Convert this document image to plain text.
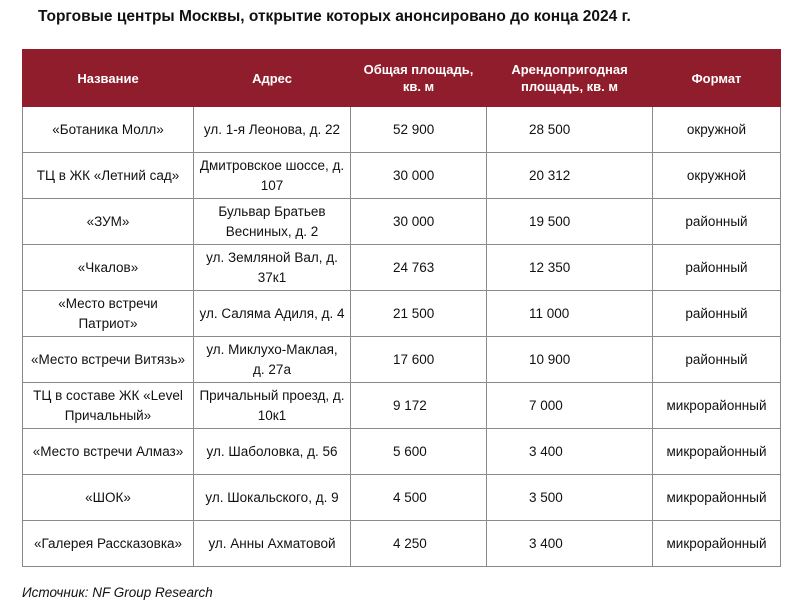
Торговые центры Москвы, открытие которых анонсировано до конца 2024 г.
Название	Адрес	Общая площадь, кв. м	Арендопригодная площадь, кв. м	Формат
«Ботаника Молл»	ул. 1-я Леонова, д. 22	52 900	28 500	окружной
ТЦ в ЖК «Летний сад»	Дмитровское шоссе, д. 107	30 000	20 312	окружной
«ЗУМ»	Бульвар Братьев Весниных, д. 2	30 000	19 500	районный
«Чкалов»	ул. Земляной Вал, д. 37к1	24 763	12 350	районный
«Место встречи Патриот»	ул. Саляма Адиля, д. 4	21 500	11 000	районный
«Место встречи Витязь»	ул. Миклухо-Маклая, д. 27а	17 600	10 900	районный
ТЦ в составе ЖК «Level Причальный»	Причальный проезд, д. 10к1	9 172	7 000	микрорайонный
«Место встречи Алмаз»	ул. Шаболовка, д. 56	5 600	3 400	микрорайонный
«ШОК»	ул. Шокальского, д. 9	4 500	3 500	микрорайонный
«Галерея Рассказовка»	ул. Анны Ахматовой	4 250	3 400	микрорайонный
Источник: NF Group Research
